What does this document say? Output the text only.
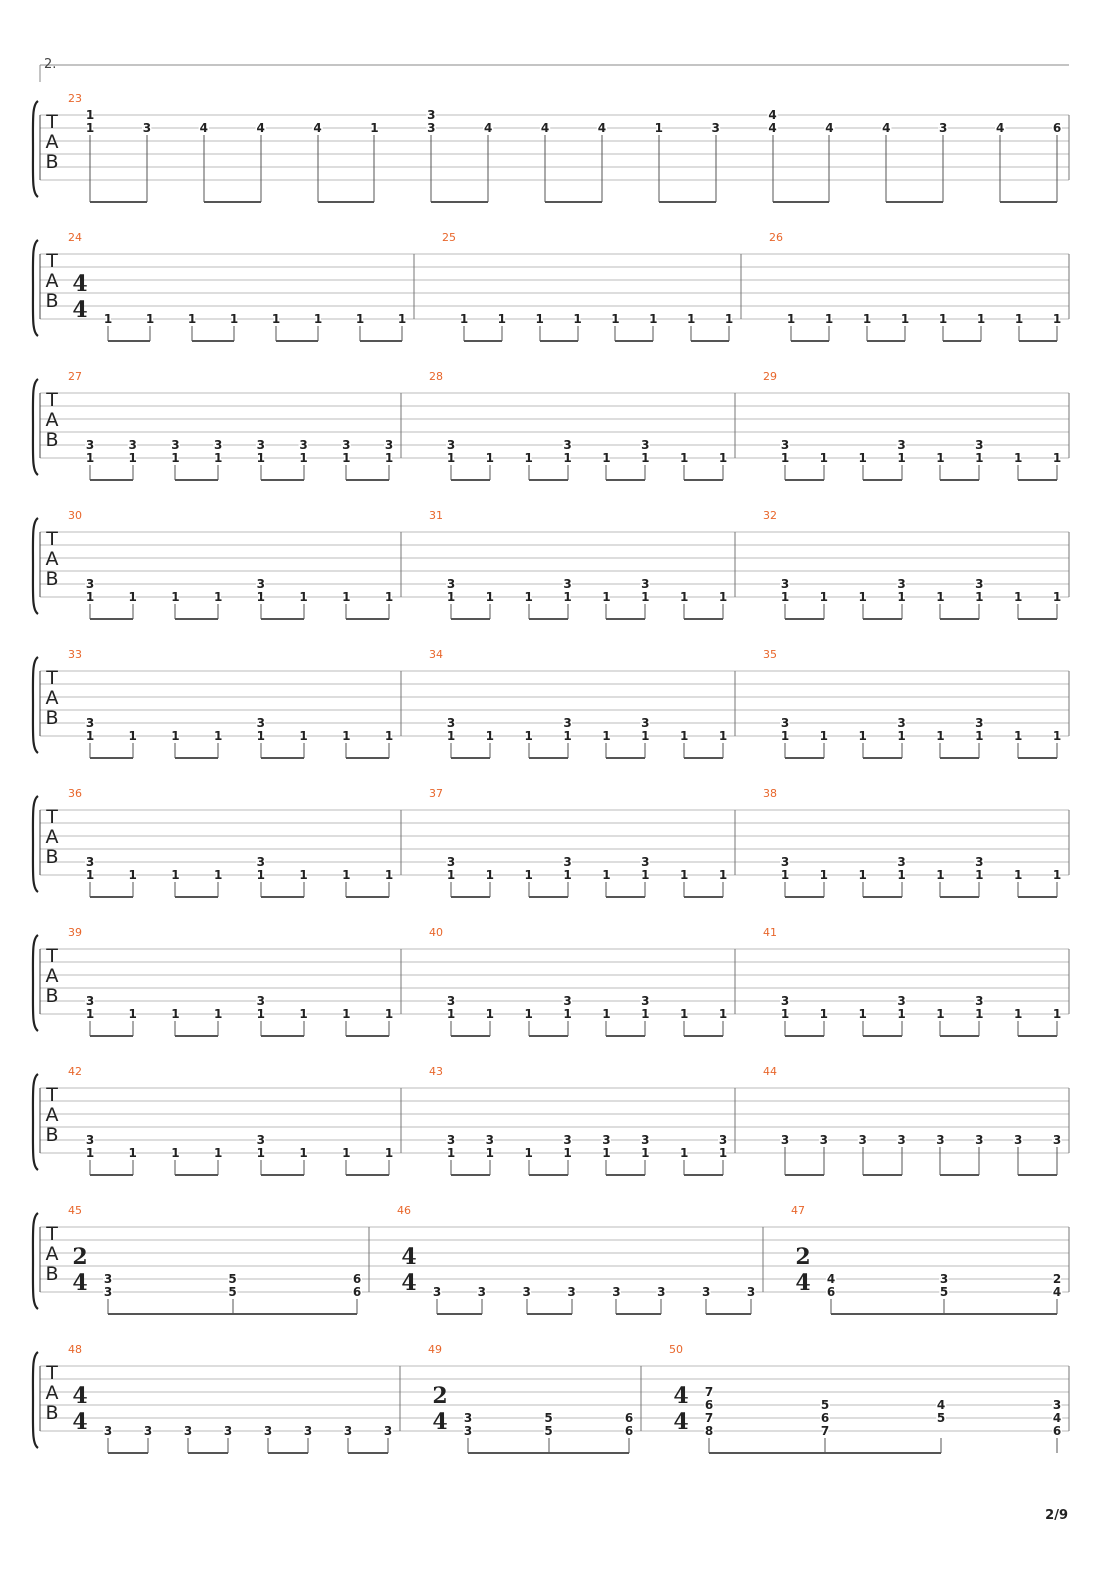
2.
T
A
B
23
1	3	4
1	3	4	4	4	1	3	4	4	4	1	3	4	4	4	3	4	6
T
A
B
24
4
4 1	1	1	1	1	1	1	1
25
1 1 1 1 1 1 1 1
26
1 1 1 1 1 1 1 1
T
A
B
27
3	3	3	3	3	3	3	3
1	1	1	1	1	1	1	1
28
3	3	3
1	1	1	1	1	1	1	1
29
3	3	3
1	1	1	1	1	1	1	1
T
A
B
30
3	3
1	1	1	1	1	1	1	1
31
3	3	3
1	1	1	1	1	1	1	1
32
3	3	3
1	1	1	1	1	1	1	1
T
A
B
33
3	3
1	1	1	1	1	1	1	1
34
3	3	3
1	1	1	1	1	1	1	1
35
3	3	3
1	1	1	1	1	1	1	1
T
A
B
36
3	3
1	1	1	1	1	1	1	1
37
3	3	3
1	1	1	1	1	1	1	1
38
3	3	3
1	1	1	1	1	1	1	1
T
A
B
39
3	3
1	1	1	1	1	1	1	1
40
3	3	3
1	1	1	1	1	1	1	1
41
3	3	3
1	1	1	1	1	1	1	1
T
A
B
42
3	3
1	1	1	1	1	1	1	1
43
3	3	3	3	3	3
1	1	1	1	1	1	1	1
44
3	3	3	3	3	3	3	3
T
A
B
45
2
4 3	5	6
3	5	6
46
4
4 3	3	3	3	3	3	3	3
47
2
4 4	3	2
6	5	4
T
A
B
48
4
4 3	3	3	3	3	3	3	3
49
2
4 3	5	6
3	5	6
50
4
4
7
6	5	4	3
7	6	5	4
8	7	6
2/9
